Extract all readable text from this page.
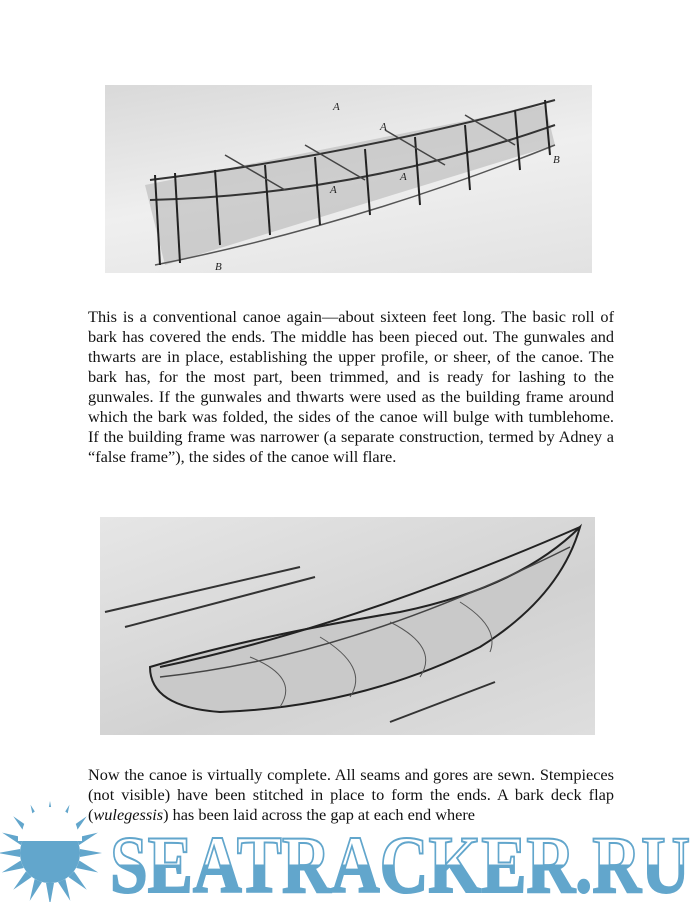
A
A
A
A
B
B
This is a conventional canoe again—about sixteen feet long. The basic roll of bark has covered the ends. The middle has been pieced out. The gunwales and thwarts are in place, establishing the upper profile, or sheer, of the canoe. The bark has, for the most part, been trimmed, and is ready for lashing to the gunwales. If the gunwales and thwarts were used as the building frame around which the bark was folded, the sides of the canoe will bulge with tumblehome. If the building frame was narrower (a separate construction, termed by Adney a “false frame”), the sides of the canoe will flare.
Now the canoe is virtually complete. All seams and gores are sewn. Stempieces (not visible) have been stitched in place to form the ends. A bark deck flap (wulegessis) has been laid across the gap at each end where
SEATRACKER.RU
